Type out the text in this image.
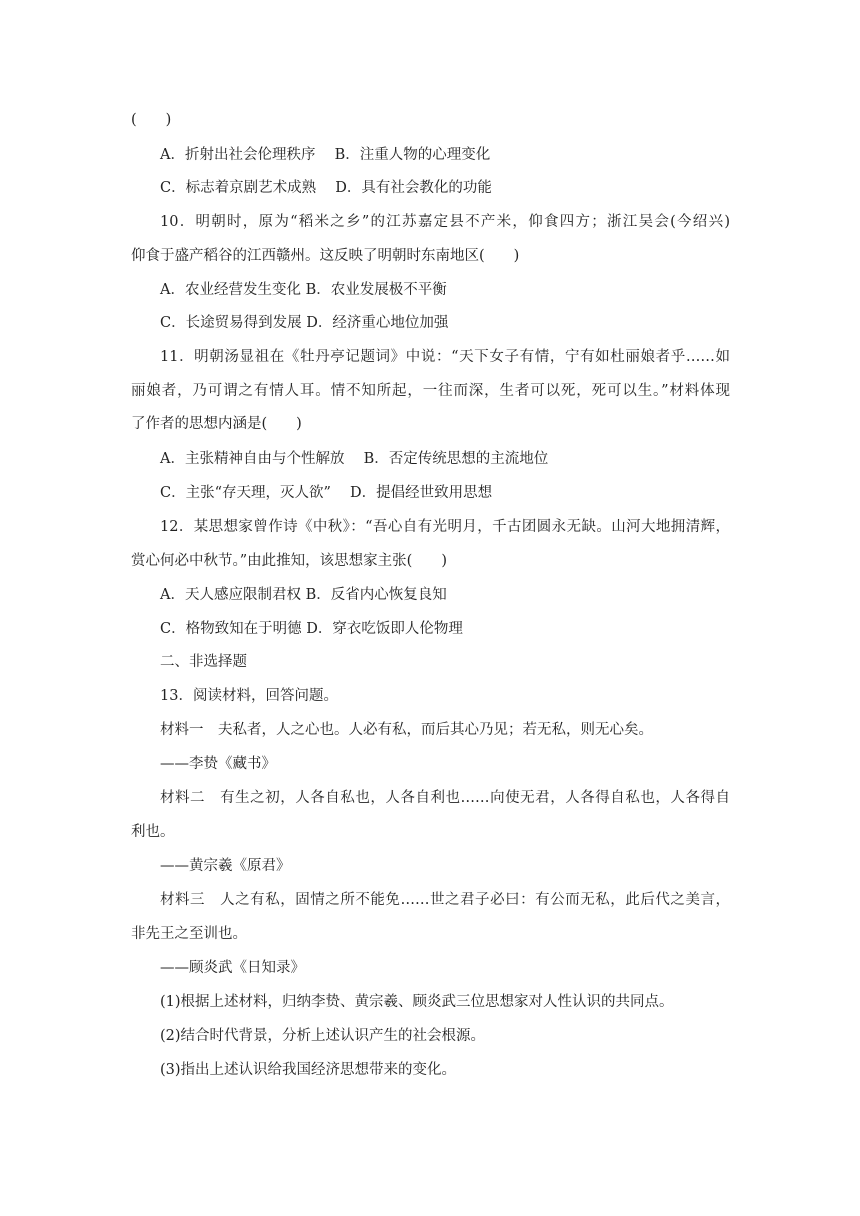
(　　)

A．折射出社会伦理秩序　 B．注重人物的心理变化

C．标志着京剧艺术成熟　 D．具有社会教化的功能

10．明朝时，原为“稻米之乡”的江苏嘉定县不产米，仰食四方；浙江吴会(今绍兴)

仰食于盛产稻谷的江西赣州。这反映了明朝时东南地区(　　)

A．农业经营发生变化 B．农业发展极不平衡

C．长途贸易得到发展 D．经济重心地位加强

11．明朝汤显祖在《牡丹亭记题词》中说：“天下女子有情，宁有如杜丽娘者乎……如

丽娘者，乃可谓之有情人耳。情不知所起，一往而深，生者可以死，死可以生。”材料体现

了作者的思想内涵是(　　)

A．主张精神自由与个性解放　 B．否定传统思想的主流地位

C．主张“存天理，灭人欲”　 D．提倡经世致用思想

12．某思想家曾作诗《中秋》：“吾心自有光明月，千古团圆永无缺。山河大地拥清辉，

赏心何必中秋节。”由此推知，该思想家主张(　　)

A．天人感应限制君权 B．反省内心恢复良知

C．格物致知在于明德 D．穿衣吃饭即人伦物理

二、非选择题

13．阅读材料，回答问题。

材料一　夫私者，人之心也。人必有私，而后其心乃见；若无私，则无心矣。

——李贽《藏书》

材料二　有生之初，人各自私也，人各自利也……向使无君，人各得自私也，人各得自

利也。

——黄宗羲《原君》

材料三　人之有私，固情之所不能免……世之君子必曰：有公而无私，此后代之美言，

非先王之至训也。

——顾炎武《日知录》

(1)根据上述材料，归纳李贽、黄宗羲、顾炎武三位思想家对人性认识的共同点。

(2)结合时代背景，分析上述认识产生的社会根源。

(3)指出上述认识给我国经济思想带来的变化。
